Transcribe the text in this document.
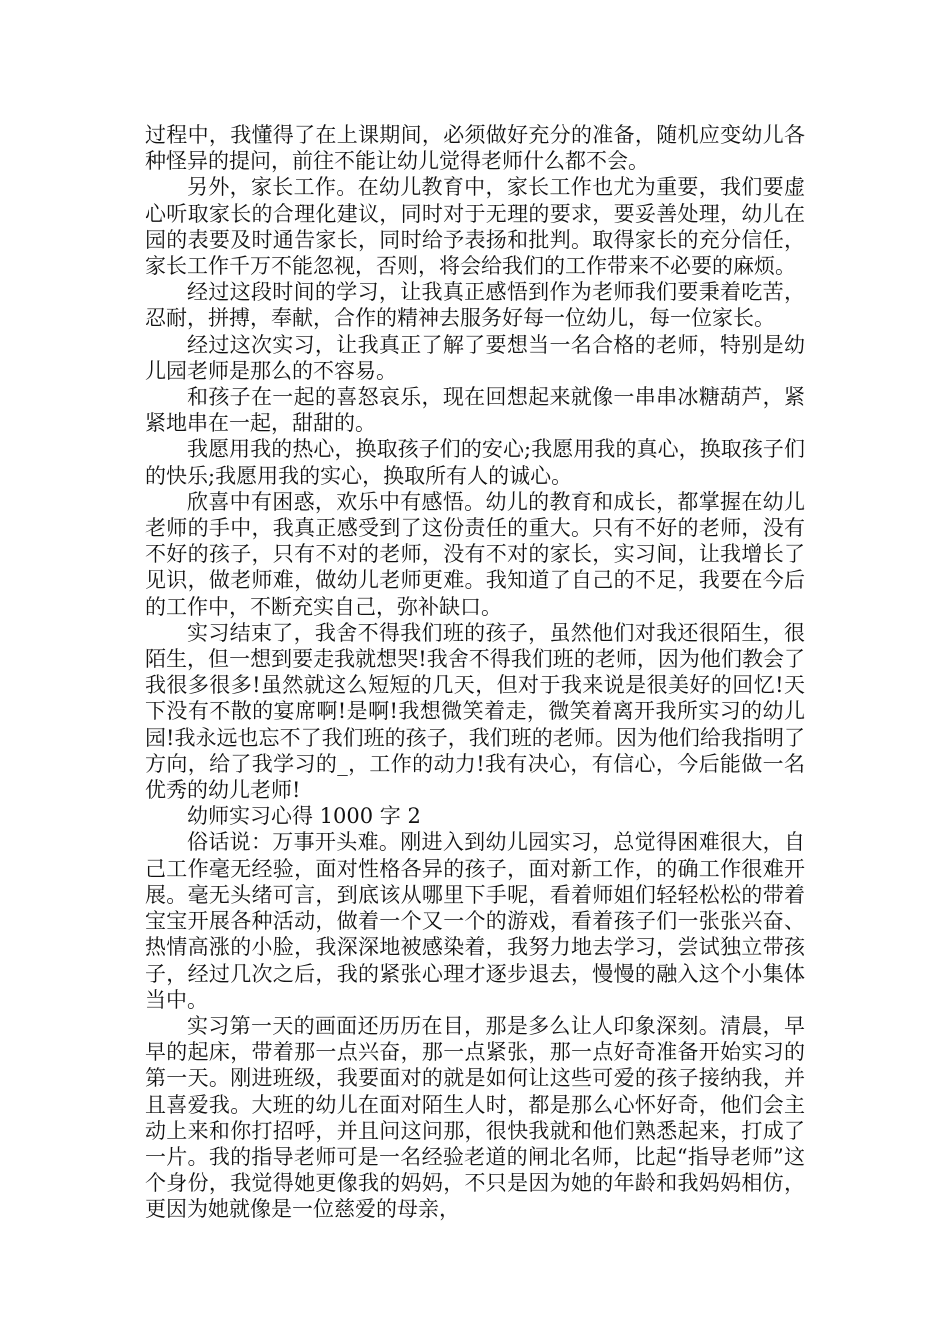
过程中，我懂得了在上课期间，必须做好充分的准备，随机应变幼儿各种怪异的提问，前往不能让幼儿觉得老师什么都不会。

另外，家长工作。在幼儿教育中，家长工作也尤为重要，我们要虚心听取家长的合理化建议，同时对于无理的要求，要妥善处理，幼儿在园的表要及时通告家长，同时给予表扬和批判。取得家长的充分信任，家长工作千万不能忽视，否则，将会给我们的工作带来不必要的麻烦。

经过这段时间的学习，让我真正感悟到作为老师我们要秉着吃苦，忍耐，拼搏，奉献，合作的精神去服务好每一位幼儿，每一位家长。

经过这次实习，让我真正了解了要想当一名合格的老师，特别是幼儿园老师是那么的不容易。

和孩子在一起的喜怒哀乐，现在回想起来就像一串串冰糖葫芦，紧紧地串在一起，甜甜的。

我愿用我的热心，换取孩子们的安心;我愿用我的真心，换取孩子们的快乐;我愿用我的实心，换取所有人的诚心。

欣喜中有困惑，欢乐中有感悟。幼儿的教育和成长，都掌握在幼儿老师的手中，我真正感受到了这份责任的重大。只有不好的老师，没有不好的孩子，只有不对的老师，没有不对的家长，实习间，让我增长了见识，做老师难，做幼儿老师更难。我知道了自己的不足，我要在今后的工作中，不断充实自己，弥补缺口。

实习结束了，我舍不得我们班的孩子，虽然他们对我还很陌生，很陌生，但一想到要走我就想哭!我舍不得我们班的老师，因为他们教会了我很多很多!虽然就这么短短的几天，但对于我来说是很美好的回忆!天下没有不散的宴席啊!是啊!我想微笑着走，微笑着离开我所实习的幼儿园!我永远也忘不了我们班的孩子，我们班的老师。因为他们给我指明了方向，给了我学习的_，工作的动力!我有决心，有信心，今后能做一名优秀的幼儿老师!

幼师实习心得 1000 字 2

俗话说：万事开头难。刚进入到幼儿园实习，总觉得困难很大，自己工作毫无经验，面对性格各异的孩子，面对新工作，的确工作很难开展。毫无头绪可言，到底该从哪里下手呢，看着师姐们轻轻松松的带着宝宝开展各种活动，做着一个又一个的游戏，看着孩子们一张张兴奋、热情高涨的小脸，我深深地被感染着，我努力地去学习，尝试独立带孩子，经过几次之后，我的紧张心理才逐步退去，慢慢的融入这个小集体当中。

实习第一天的画面还历历在目，那是多么让人印象深刻。清晨，早早的起床，带着那一点兴奋，那一点紧张，那一点好奇准备开始实习的第一天。刚进班级，我要面对的就是如何让这些可爱的孩子接纳我，并且喜爱我。大班的幼儿在面对陌生人时，都是那么心怀好奇，他们会主动上来和你打招呼，并且问这问那，很快我就和他们熟悉起来，打成了一片。我的指导老师可是一名经验老道的闸北名师，比起“指导老师”这个身份，我觉得她更像我的妈妈，不只是因为她的年龄和我妈妈相仿，更因为她就像是一位慈爱的母亲，
